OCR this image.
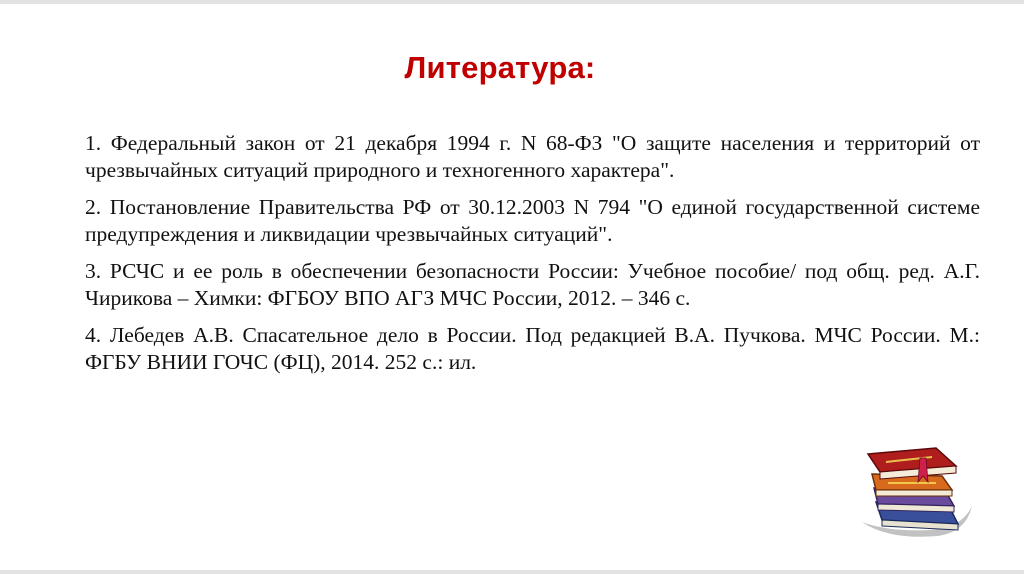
Литература:
1. Федеральный закон от 21 декабря 1994 г. N 68-ФЗ "О защите населения и территорий от чрезвычайных ситуаций природного и техногенного характера".
2. Постановление Правительства РФ от 30.12.2003 N 794 "О единой государственной системе предупреждения и ликвидации чрезвычайных ситуаций".
3. РСЧС и ее роль в обеспечении безопасности России: Учебное пособие/ под общ. ред. А.Г. Чирикова – Химки: ФГБОУ ВПО АГЗ МЧС России, 2012. – 346 с.
4. Лебедев А.В. Спасательное дело в России. Под редакцией В.А. Пучкова. МЧС России. М.: ФГБУ ВНИИ ГОЧС (ФЦ), 2014. 252 с.: ил.
